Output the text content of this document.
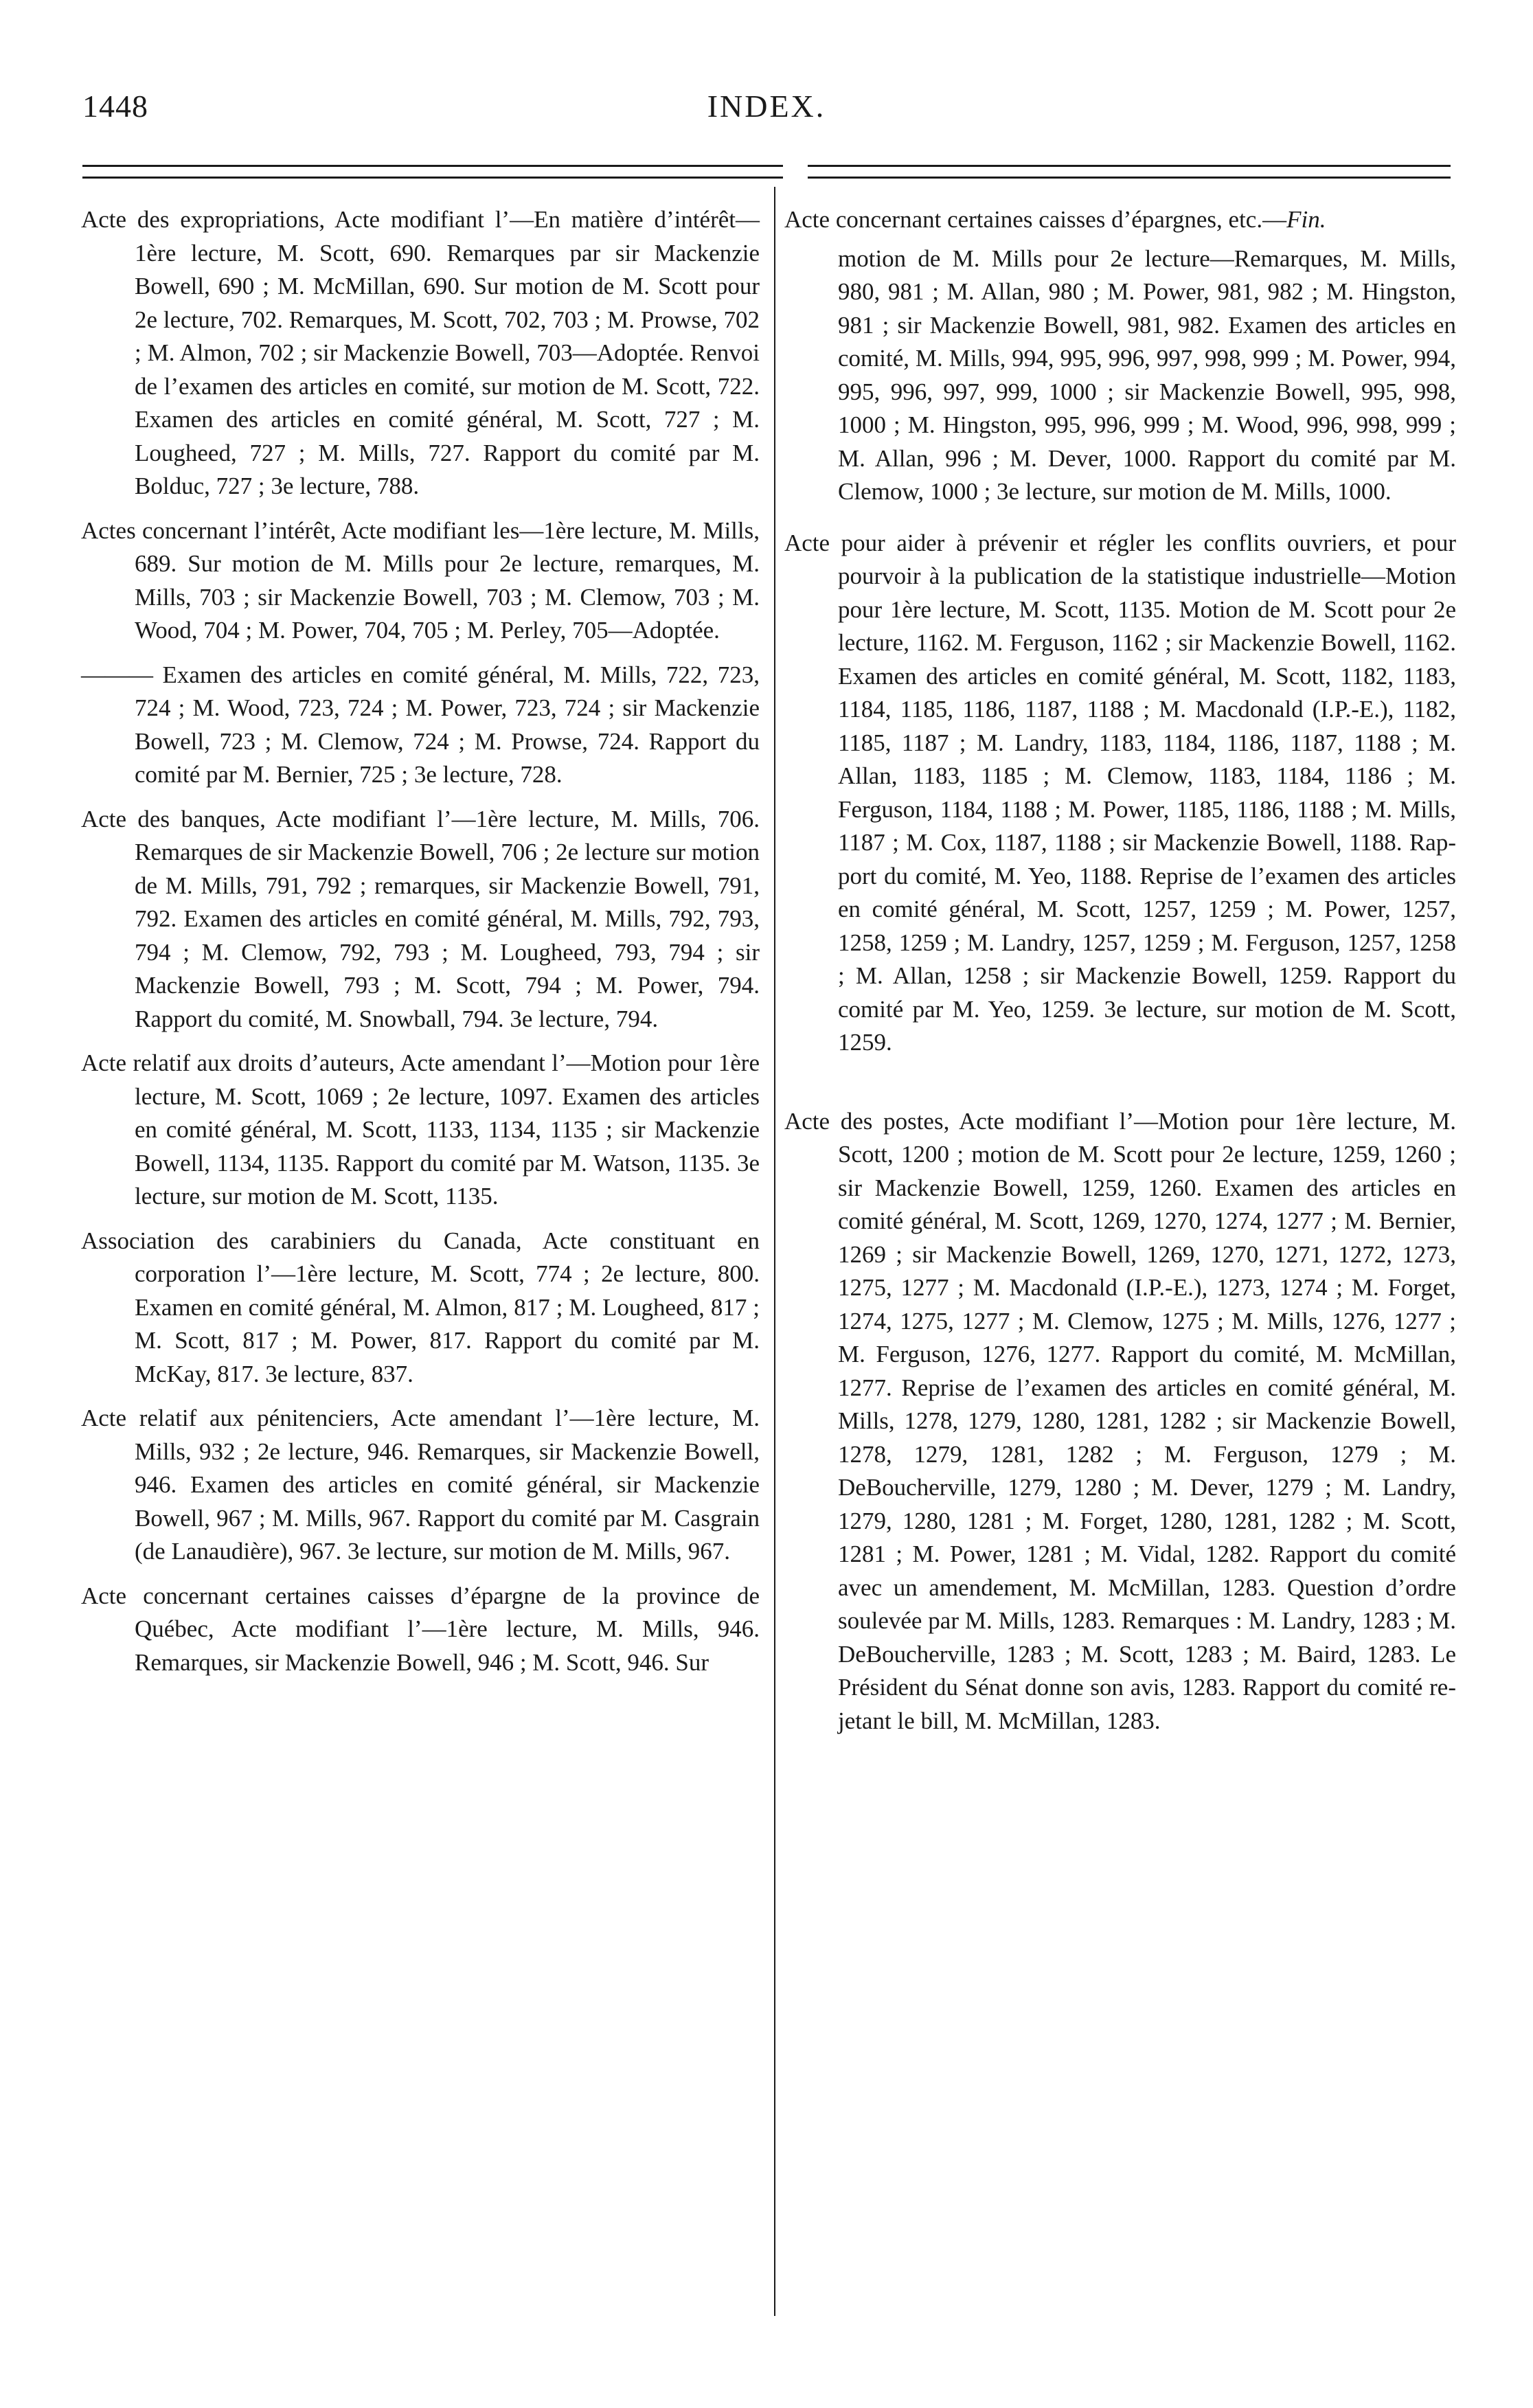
1448	INDEX.

Acte des expropriations, Acte modifiant l’—En matière d’intérêt—1ère lecture, M. Scott, 690. Remarques par sir Mackenzie Bowell, 690 ; M. McMillan, 690. Sur motion de M. Scott pour 2e lecture, 702. Remarques, M. Scott, 702, 703 ; M. Prowse, 702 ; M. Almon, 702 ; sir Mackenzie Bowell, 703—Adoptée. Renvoi de l’examen des articles en comité, sur motion de M. Scott, 722. Examen des articles en comité général, M. Scott, 727 ; M. Lougheed, 727 ; M. Mills, 727. Rapport du comité par M. Bolduc, 727 ; 3e lecture, 788.

Actes concernant l’intérêt, Acte modifiant les—1ère lecture, M. Mills, 689. Sur motion de M. Mills pour 2e lecture, remarques, M. Mills, 703 ; sir Mackenzie Bowell, 703 ; M. Clemow, 703 ; M. Wood, 704 ; M. Power, 704, 705 ; M. Perley, 705—Adoptée.

——— Examen des articles en comité général, M. Mills, 722, 723, 724 ; M. Wood, 723, 724 ; M. Power, 723, 724 ; sir Mackenzie Bowell, 723 ; M. Clemow, 724 ; M. Prowse, 724. Rapport du comité par M. Bernier, 725 ; 3e lecture, 728.

Acte des banques, Acte modifiant l’—1ère lecture, M. Mills, 706. Remarques de sir Mackenzie Bowell, 706 ; 2e lecture sur motion de M. Mills, 791, 792 ; remarques, sir Mackenzie Bowell, 791, 792. Examen des articles en comité général, M. Mills, 792, 793, 794 ; M. Clemow, 792, 793 ; M. Lougheed, 793, 794 ; sir Mackenzie Bowell, 793 ; M. Scott, 794 ; M. Power, 794. Rapport du comité, M. Snowball, 794. 3e lecture, 794.

Acte relatif aux droits d’auteurs, Acte amendant l’—Motion pour 1ère lecture, M. Scott, 1069 ; 2e lecture, 1097. Examen des articles en comité général, M. Scott, 1133, 1134, 1135 ; sir Mackenzie Bowell, 1134, 1135. Rapport du comité par M. Watson, 1135. 3e lecture, sur motion de M. Scott, 1135.

Association des carabiniers du Canada, Acte constituant en corporation l’—1ère lecture, M. Scott, 774 ; 2e lecture, 800. Examen en comité général, M. Almon, 817 ; M. Lougheed, 817 ; M. Scott, 817 ; M. Power, 817. Rapport du comité par M. McKay, 817. 3e lecture, 837.

Acte relatif aux pénitenciers, Acte amendant l’—1ère lecture, M. Mills, 932 ; 2e lecture, 946. Remarques, sir Mackenzie Bowell, 946. Examen des articles en comité général, sir Mackenzie Bowell, 967 ; M. Mills, 967. Rapport du comité par M. Casgrain (de Lanaudière), 967. 3e lecture, sur motion de M. Mills, 967.

Acte concernant certaines caisses d’épargne de la province de Québec, Acte modifiant l’—1ère lecture, M. Mills, 946. Remarques, sir Mackenzie Bowell, 946 ; M. Scott, 946. Sur

Acte concernant certaines caisses d’épargnes, etc.—Fin.

motion de M. Mills pour 2e lecture—Remarques, M. Mills, 980, 981 ; M. Allan, 980 ; M. Power, 981, 982 ; M. Hingston, 981 ; sir Mackenzie Bowell, 981, 982. Examen des articles en comité, M. Mills, 994, 995, 996, 997, 998, 999 ; M. Power, 994, 995, 996, 997, 999, 1000 ; sir Mackenzie Bowell, 995, 998, 1000 ; M. Hingston, 995, 996, 999 ; M. Wood, 996, 998, 999 ; M. Allan, 996 ; M. Dever, 1000. Rapport du comité par M. Clemow, 1000 ; 3e lecture, sur motion de M. Mills, 1000.

Acte pour aider à prévenir et régler les conflits ouvriers, et pour pourvoir à la publication de la statistique industrielle—Motion pour 1ère lecture, M. Scott, 1135. Motion de M. Scott pour 2e lecture, 1162. M. Ferguson, 1162 ; sir Mackenzie Bowell, 1162. Examen des articles en comité général, M. Scott, 1182, 1183, 1184, 1185, 1186, 1187, 1188 ; M. Macdonald (I.P.-E.), 1182, 1185, 1187 ; M. Landry, 1183, 1184, 1186, 1187, 1188 ; M. Allan, 1183, 1185 ; M. Clemow, 1183, 1184, 1186 ; M. Ferguson, 1184, 1188 ; M. Power, 1185, 1186, 1188 ; M. Mills, 1187 ; M. Cox, 1187, 1188 ; sir Mackenzie Bowell, 1188. Rapport du comité, M. Yeo, 1188. Reprise de l’examen des articles en comité général, M. Scott, 1257, 1259 ; M. Power, 1257, 1258, 1259 ; M. Landry, 1257, 1259 ; M. Ferguson, 1257, 1258 ; M. Allan, 1258 ; sir Mackenzie Bowell, 1259. Rapport du comité par M. Yeo, 1259. 3e lecture, sur motion de M. Scott, 1259.

Acte des postes, Acte modifiant l’—Motion pour 1ère lecture, M. Scott, 1200 ; motion de M. Scott pour 2e lecture, 1259, 1260 ; sir Mackenzie Bowell, 1259, 1260. Examen des articles en comité général, M. Scott, 1269, 1270, 1274, 1277 ; M. Bernier, 1269 ; sir Mackenzie Bowell, 1269, 1270, 1271, 1272, 1273, 1275, 1277 ; M. Macdonald (I.P.-E.), 1273, 1274 ; M. Forget, 1274, 1275, 1277 ; M. Clemow, 1275 ; M. Mills, 1276, 1277 ; M. Ferguson, 1276, 1277. Rapport du comité, M. McMillan, 1277. Reprise de l’examen des articles en comité général, M. Mills, 1278, 1279, 1280, 1281, 1282 ; sir Mackenzie Bowell, 1278, 1279, 1281, 1282 ; M. Ferguson, 1279 ; M. DeBoucherville, 1279, 1280 ; M. Dever, 1279 ; M. Landry, 1279, 1280, 1281 ; M. Forget, 1280, 1281, 1282 ; M. Scott, 1281 ; M. Power, 1281 ; M. Vidal, 1282. Rapport du comité avec un amendement, M. McMillan, 1283. Question d’ordre soulevée par M. Mills, 1283. Remarques : M. Landry, 1283 ; M. DeBoucherville, 1283 ; M. Scott, 1283 ; M. Baird, 1283. Le Président du Sénat donne son avis, 1283. Rapport du comité rejetant le bill, M. McMillan, 1283.
